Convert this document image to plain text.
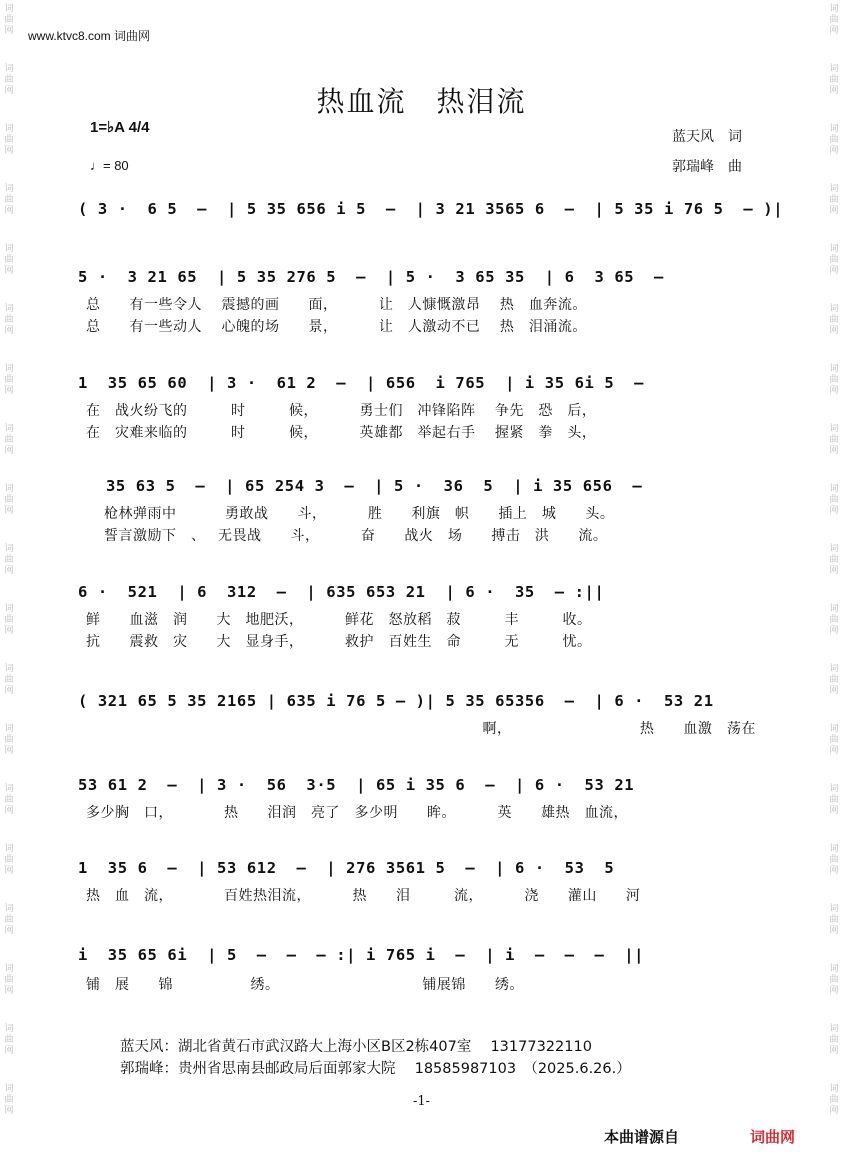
词
曲
网
词
曲
网
词
曲
网
词
曲
网
词
曲
网
词
曲
网
词
曲
网
词
曲
网
词
曲
网
词
曲
网
词
曲
网
词
曲
网
词
曲
网
词
曲
网
词
曲
网
词
曲
网
词
曲
网
词
曲
网
词
曲
网
词
曲
网
词
曲
网
词
曲
网
词
曲
网
词
曲
网
词
曲
网
词
曲
网
词
曲
网
词
曲
网
词
曲
网
词
曲
网
词
曲
网
词
曲
网
词
曲
网
词
曲
网
词
曲
网
词
曲
网
词
曲
网
词
曲
网
www.ktvc8.com 词曲网
热血流　热泪流
1=♭A 4/4
♩= 80
蓝天风　词
郭瑞峰　曲
( 3 ·  6 5  –  | 5 35 656 i 5  –  | 3 21 3565 6  –  | 5 35 i 76 5  – )|
5 ·  3 21 65  | 5 35 276 5  –  | 5 ·  3 65 35  | 6  3 65  –
总　　有一些令人　 震撼的画　　面，　　　 让　人慷慨激昂　 热　血奔流。
总　　有一些动人　 心魄的场　　景，　　　 让　人激动不已　 热　泪涌流。
1  35 65 60  | 3 ·  61 2  –  | 656  i 765  | i 35 6i 5  –
在　战火纷飞的　　　时　　　候，　　　 勇士们　冲锋陷阵　 争先　恐　后，
在　灾难来临的　　　时　　　候，　　　 英雄都　举起右手　 握紧　拳　头，
35 63 5  –  | 65 254 3  –  | 5 ·  36  5  | i 35 656  –
枪林弹雨中　　　 勇敢战　　斗，　　　 胜　　利旗　帜　　插上　城　　头。
誓言激励下　、　 无畏战　　斗，　　　 奋　　战火　场　　搏击　洪　　流。
6 ·  521  | 6  312  –  | 635 653 21  | 6 ·  35  – :||
鲜　　血滋　润　　大　地肥沃，　　　 鲜花　怒放稻　菽　　　丰　　　收。
抗　　震救　灾　　大　显身手，　　　 救护　百姓生　命　　　无　　　忧。
( 321 65 5 35 2165 | 635 i 76 5 – )| 5 35 65356  –  | 6 ·  53 21
　　　　　　　　　　　　　　　　　　　　　　　　　　　 啊，　　　　　　　　　 热　　血激　荡在
53 61 2  –  | 3 ·  56  3·5  | 65 i 35 6  –  | 6 ·  53 21
多少胸　口，　　　　热　　泪润　亮了　多少明　　眸。　　　 英　　雄热　血流，
1  35 6  –  | 53 612  –  | 276 3561 5  –  | 6 ·  53  5
热　血　流，　　　　百姓热泪流，　　　 热　　泪　　　流，　　　 浇　　灌山　　河
i  35 65 6i  | 5  –  –  – :| i 765 i  –  | i  –  –  –  ||
铺　展　　锦　　　　　 绣。　　　　　　　　　　 铺展锦　　绣。
蓝天风：湖北省黄石市武汉路大上海小区B区2栋407室　 13177322110
郭瑞峰：贵州省思南县邮政局后面郭家大院　 18585987103　（2025.6.26.）
-1-
本曲谱源自	词曲网
